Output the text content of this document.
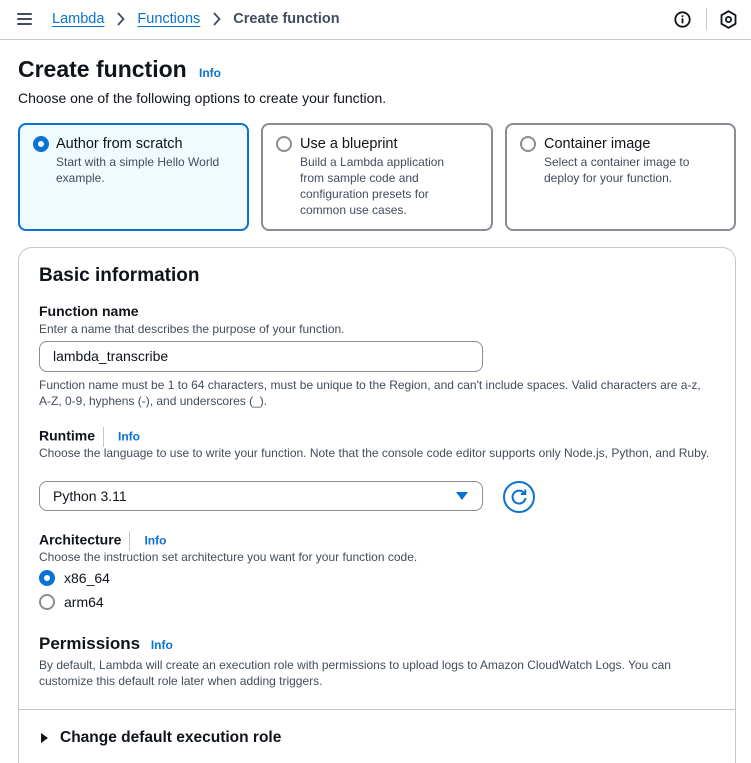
Lambda Functions Create function
Create function Info
Choose one of the following options to create your function.
Author from scratch
Start with a simple Hello World
example.
Use a blueprint
Build a Lambda application
from sample code and
configuration presets for
common use cases.
Container image
Select a container image to
deploy for your function.
Basic information
Function name
Enter a name that describes the purpose of your function.
lambda_transcribe
Function name must be 1 to 64 characters, must be unique to the Region, and can't include spaces. Valid characters are a-z, A-Z, 0-9, hyphens (-), and underscores (_).
Runtime Info
Choose the language to use to write your function. Note that the console code editor supports only Node.js, Python, and Ruby.
Python 3.11
Architecture Info
Choose the instruction set architecture you want for your function code.
x86_64
arm64
Permissions Info
By default, Lambda will create an execution role with permissions to upload logs to Amazon CloudWatch Logs. You can customize this default role later when adding triggers.
Change default execution role
